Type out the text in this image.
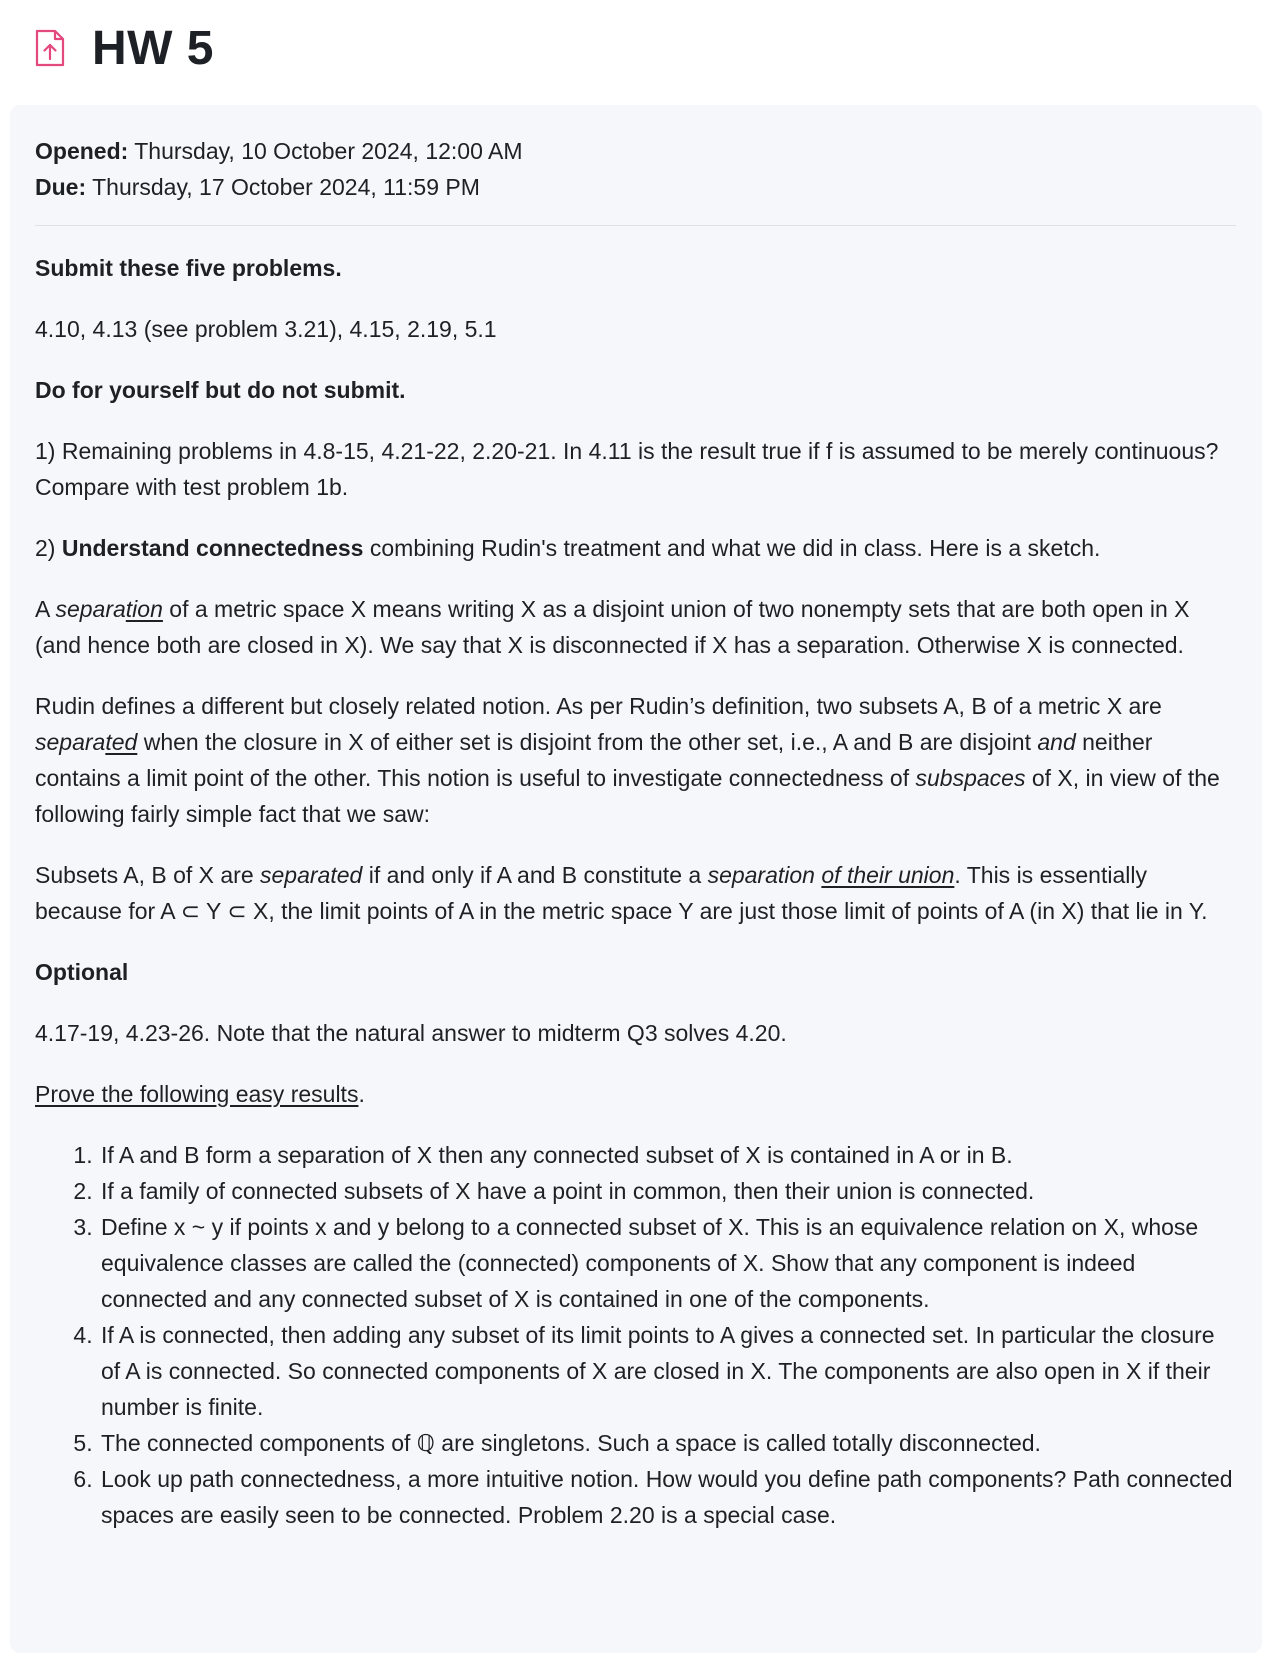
HW 5
Opened: Thursday, 10 October 2024, 12:00 AM
Due: Thursday, 17 October 2024, 11:59 PM

Submit these five problems.

4.10, 4.13 (see problem 3.21), 4.15, 2.19, 5.1

Do for yourself but do not submit.

1) Remaining problems in 4.8-15, 4.21-22, 2.20-21. In 4.11 is the result true if f is assumed to be merely continuous? Compare with test problem 1b.

2) Understand connectedness combining Rudin's treatment and what we did in class. Here is a sketch.

A separation of a metric space X means writing X as a disjoint union of two nonempty sets that are both open in X (and hence both are closed in X). We say that X is disconnected if X has a separation. Otherwise X is connected.

Rudin defines a different but closely related notion. As per Rudin’s definition, two subsets A, B of a metric X are separated when the closure in X of either set is disjoint from the other set, i.e., A and B are disjoint and neither contains a limit point of the other. This notion is useful to investigate connectedness of subspaces of X, in view of the following fairly simple fact that we saw:

Subsets A, B of X are separated if and only if A and B constitute a separation of their union. This is essentially because for A ⊂ Y ⊂ X, the limit points of A in the metric space Y are just those limit of points of A (in X) that lie in Y.

Optional

4.17-19, 4.23-26. Note that the natural answer to midterm Q3 solves 4.20.

Prove the following easy results.

1. If A and B form a separation of X then any connected subset of X is contained in A or in B.
2. If a family of connected subsets of X have a point in common, then their union is connected.
3. Define x ~ y if points x and y belong to a connected subset of X. This is an equivalence relation on X, whose equivalence classes are called the (connected) components of X. Show that any component is indeed connected and any connected subset of X is contained in one of the components.
4. If A is connected, then adding any subset of its limit points to A gives a connected set. In particular the closure of A is connected. So connected components of X are closed in X. The components are also open in X if their number is finite.
5. The connected components of ℚ are singletons. Such a space is called totally disconnected.
6. Look up path connectedness, a more intuitive notion. How would you define path components? Path connected spaces are easily seen to be connected. Problem 2.20 is a special case.
